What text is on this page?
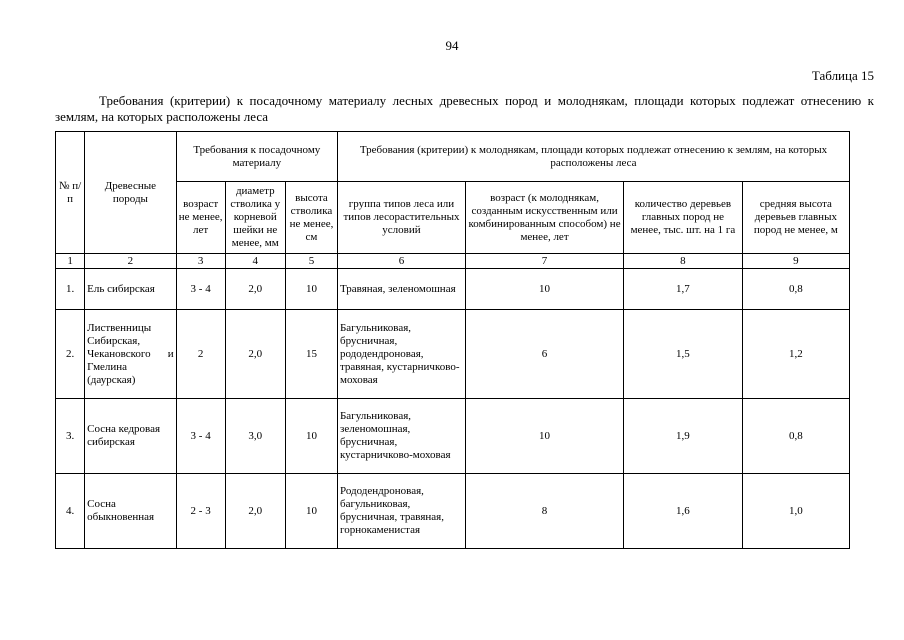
94
Таблица 15
Требования (критерии) к посадочному материалу лесных древесных пород и молоднякам, площади которых подлежат отнесению к землям, на которых расположены леса
№ п/п	Древесные породы	Требования к посадочному материалу			Требования (критерии) к молоднякам, площади которых подлежат отнесению к землям, на которых расположены леса			
		возраст не менее, лет	диаметр стволика у корневой шейки не менее, мм	высота стволика не менее, см	группа типов леса или типов лесорастительных условий	возраст (к молоднякам, созданным искусственным или комбинированным способом) не менее, лет	количество деревьев главных пород не менее, тыс. шт. на 1 га	средняя высота деревьев главных пород не менее, м
1	2	3	4	5	6	7	8	9
1.	Ель сибирская	3 - 4	2,0	10	Травяная, зеленомошная	10	1,7	0,8
2.	Лиственницы Сибирская, Чекановского и Гмелина (даурская)	2	2,0	15	Багульниковая, брусничная, рододендроновая, травяная, кустарничково-моховая	6	1,5	1,2
3.	Сосна кедровая сибирская	3 - 4	3,0	10	Багульниковая, зеленомошная, брусничная, кустарничково-моховая	10	1,9	0,8
4.	Сосна обыкновенная	2 - 3	2,0	10	Рододендроновая, багульниковая, брусничная, травяная, горнокаменистая	8	1,6	1,0
